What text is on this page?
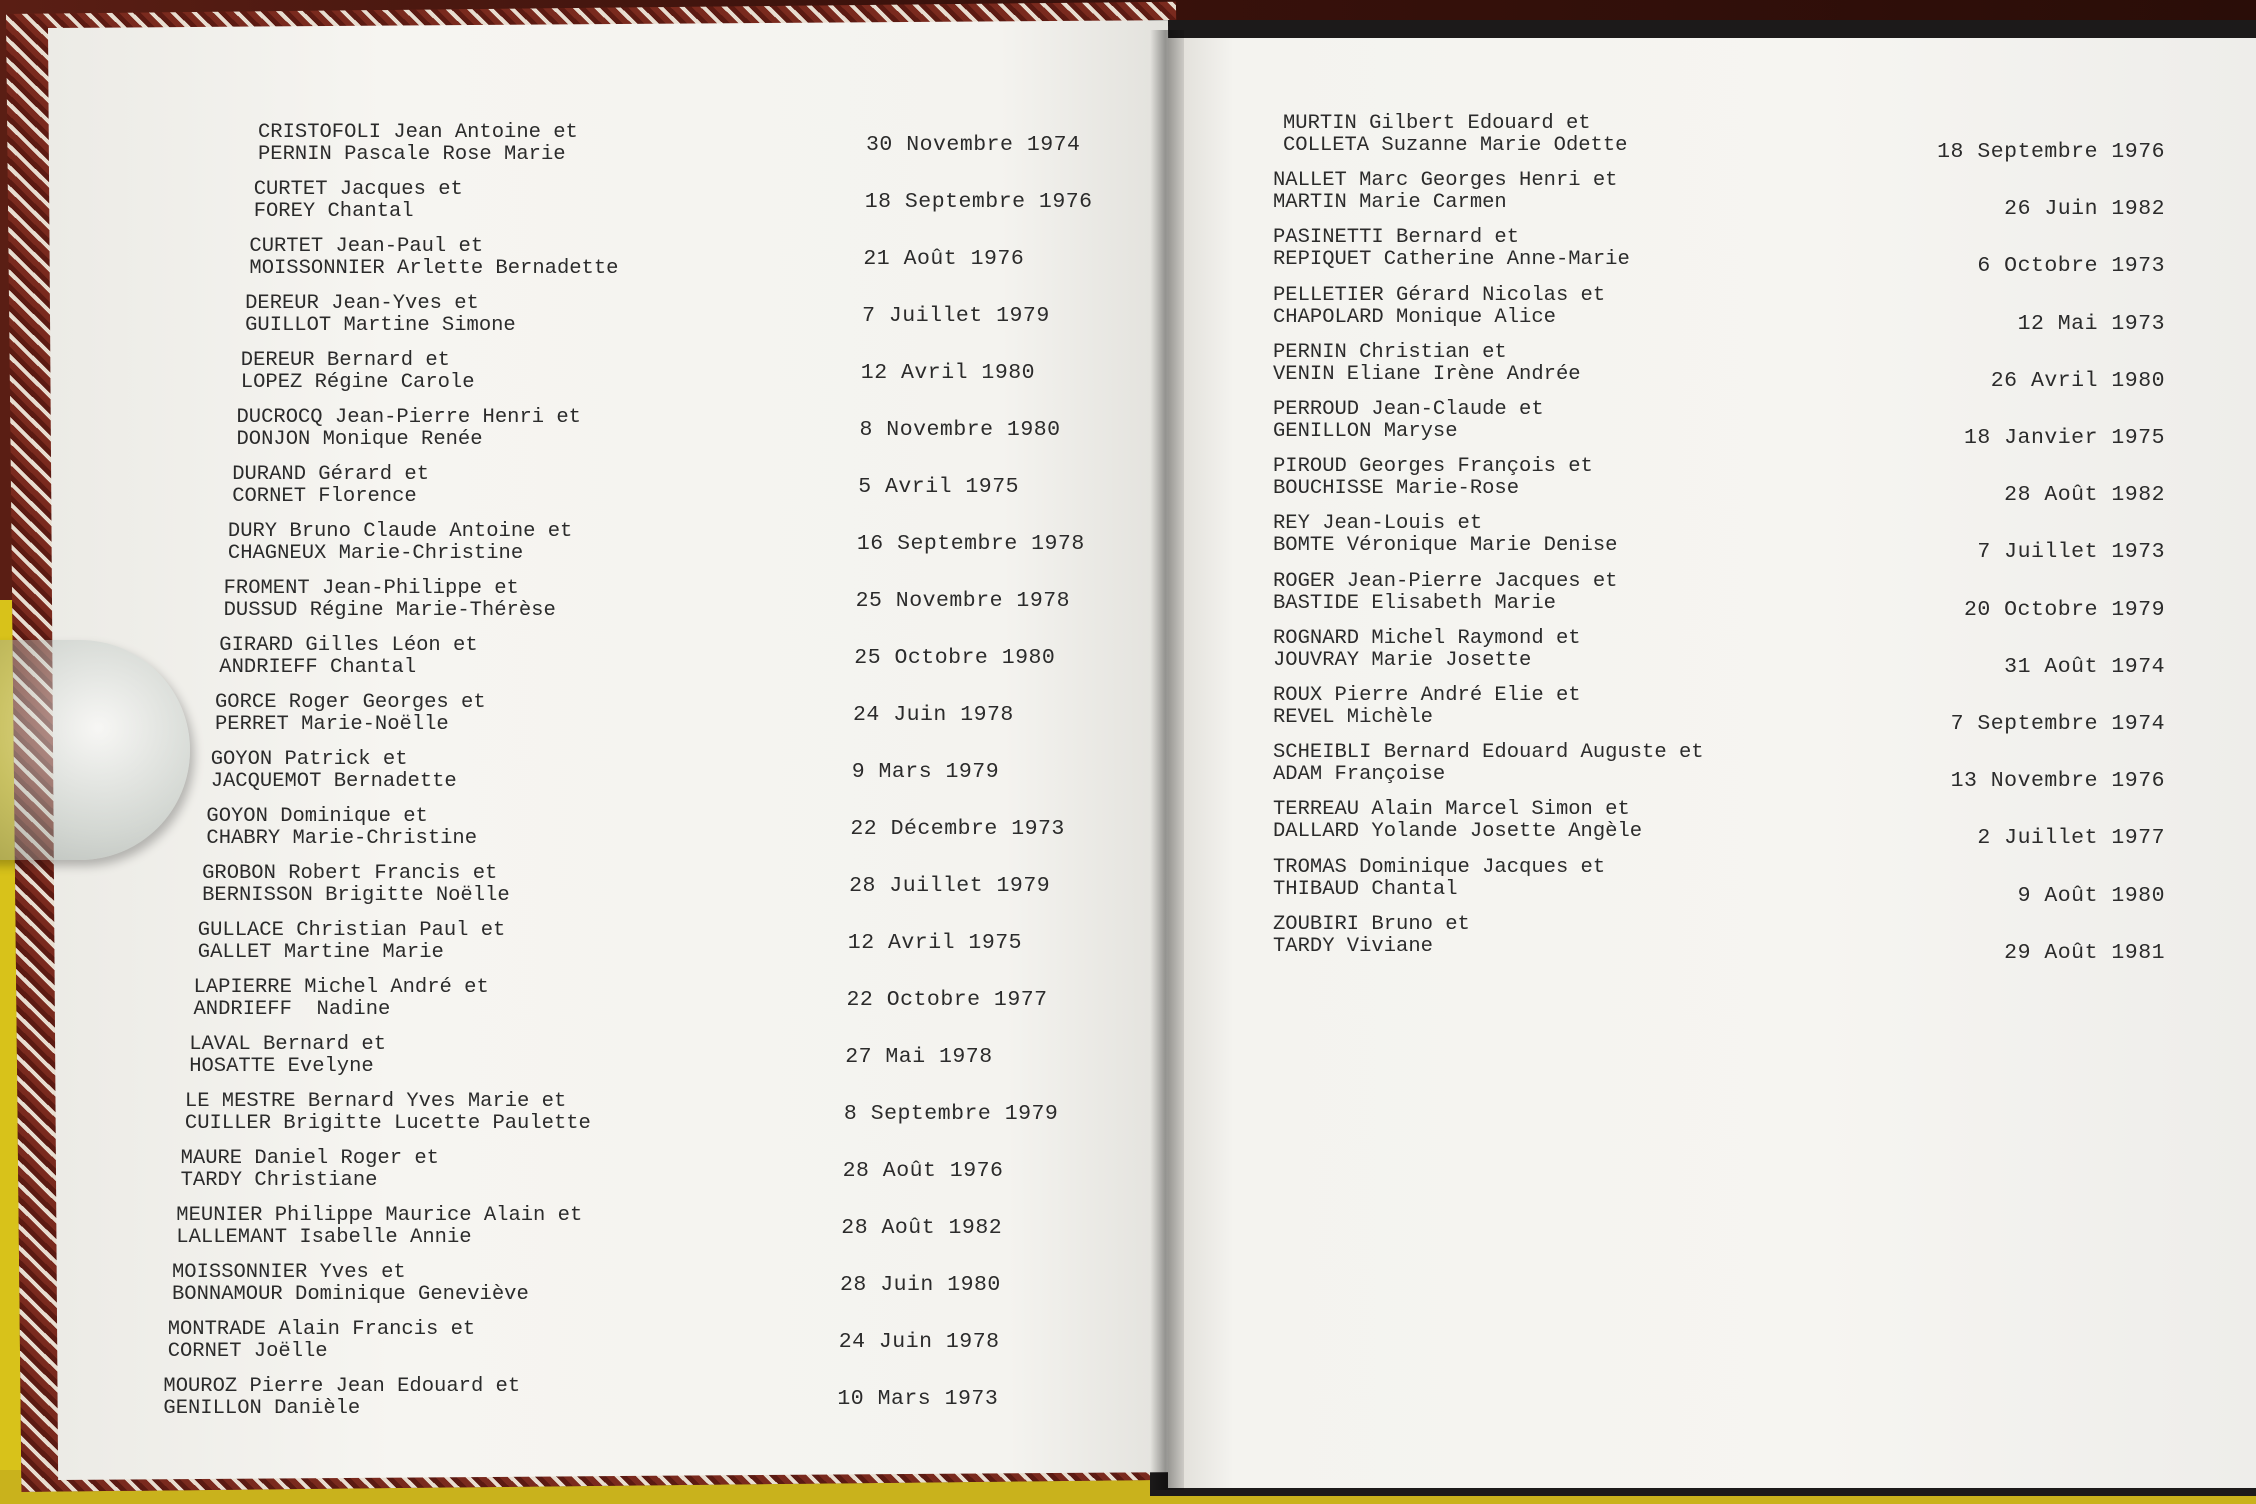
CRISTOFOLI Jean Antoine et
PERNIN Pascale Rose Marie	30 Novembre 1974
CURTET Jacques et
FOREY Chantal	18 Septembre 1976
CURTET Jean-Paul et
MOISSONNIER Arlette Bernadette	21 Août 1976
DEREUR Jean-Yves et
GUILLOT Martine Simone	7 Juillet 1979
DEREUR Bernard et
LOPEZ Régine Carole	12 Avril 1980
DUCROCQ Jean-Pierre Henri et
DONJON Monique Renée	8 Novembre 1980
DURAND Gérard et
CORNET Florence	5 Avril 1975
DURY Bruno Claude Antoine et
CHAGNEUX Marie-Christine	16 Septembre 1978
FROMENT Jean-Philippe et
DUSSUD Régine Marie-Thérèse	25 Novembre 1978
GIRARD Gilles Léon et
ANDRIEFF Chantal	25 Octobre 1980
GORCE Roger Georges et
PERRET Marie-Noëlle	24 Juin 1978
GOYON Patrick et
JACQUEMOT Bernadette	9 Mars 1979
GOYON Dominique et
CHABRY Marie-Christine	22 Décembre 1973
GROBON Robert Francis et
BERNISSON Brigitte Noëlle	28 Juillet 1979
GULLACE Christian Paul et
GALLET Martine Marie	12 Avril 1975
LAPIERRE Michel André et
ANDRIEFF  Nadine	22 Octobre 1977
LAVAL Bernard et
HOSATTE Evelyne	27 Mai 1978
LE MESTRE Bernard Yves Marie et
CUILLER Brigitte Lucette Paulette	8 Septembre 1979
MAURE Daniel Roger et
TARDY Christiane	28 Août 1976
MEUNIER Philippe Maurice Alain et
LALLEMANT Isabelle Annie	28 Août 1982
MOISSONNIER Yves et
BONNAMOUR Dominique Geneviève	28 Juin 1980
MONTRADE Alain Francis et
CORNET Joëlle	24 Juin 1978
MOUROZ Pierre Jean Edouard et
GENILLON Danièle	10 Mars 1973
MURTIN Gilbert Edouard et
COLLETA Suzanne Marie Odette	18 Septembre 1976
NALLET Marc Georges Henri et
MARTIN Marie Carmen	26 Juin 1982
PASINETTI Bernard et
REPIQUET Catherine Anne-Marie	6 Octobre 1973
PELLETIER Gérard Nicolas et
CHAPOLARD Monique Alice	12 Mai 1973
PERNIN Christian et
VENIN Eliane Irène Andrée	26 Avril 1980
PERROUD Jean-Claude et
GENILLON Maryse	18 Janvier 1975
PIROUD Georges François et
BOUCHISSE Marie-Rose	28 Août 1982
REY Jean-Louis et
BOMTE Véronique Marie Denise	7 Juillet 1973
ROGER Jean-Pierre Jacques et
BASTIDE Elisabeth Marie	20 Octobre 1979
ROGNARD Michel Raymond et
JOUVRAY Marie Josette	31 Août 1974
ROUX Pierre André Elie et
REVEL Michèle	7 Septembre 1974
SCHEIBLI Bernard Edouard Auguste et
ADAM Françoise	13 Novembre 1976
TERREAU Alain Marcel Simon et
DALLARD Yolande Josette Angèle	2 Juillet 1977
TROMAS Dominique Jacques et
THIBAUD Chantal	9 Août 1980
ZOUBIRI Bruno et
TARDY Viviane	29 Août 1981
